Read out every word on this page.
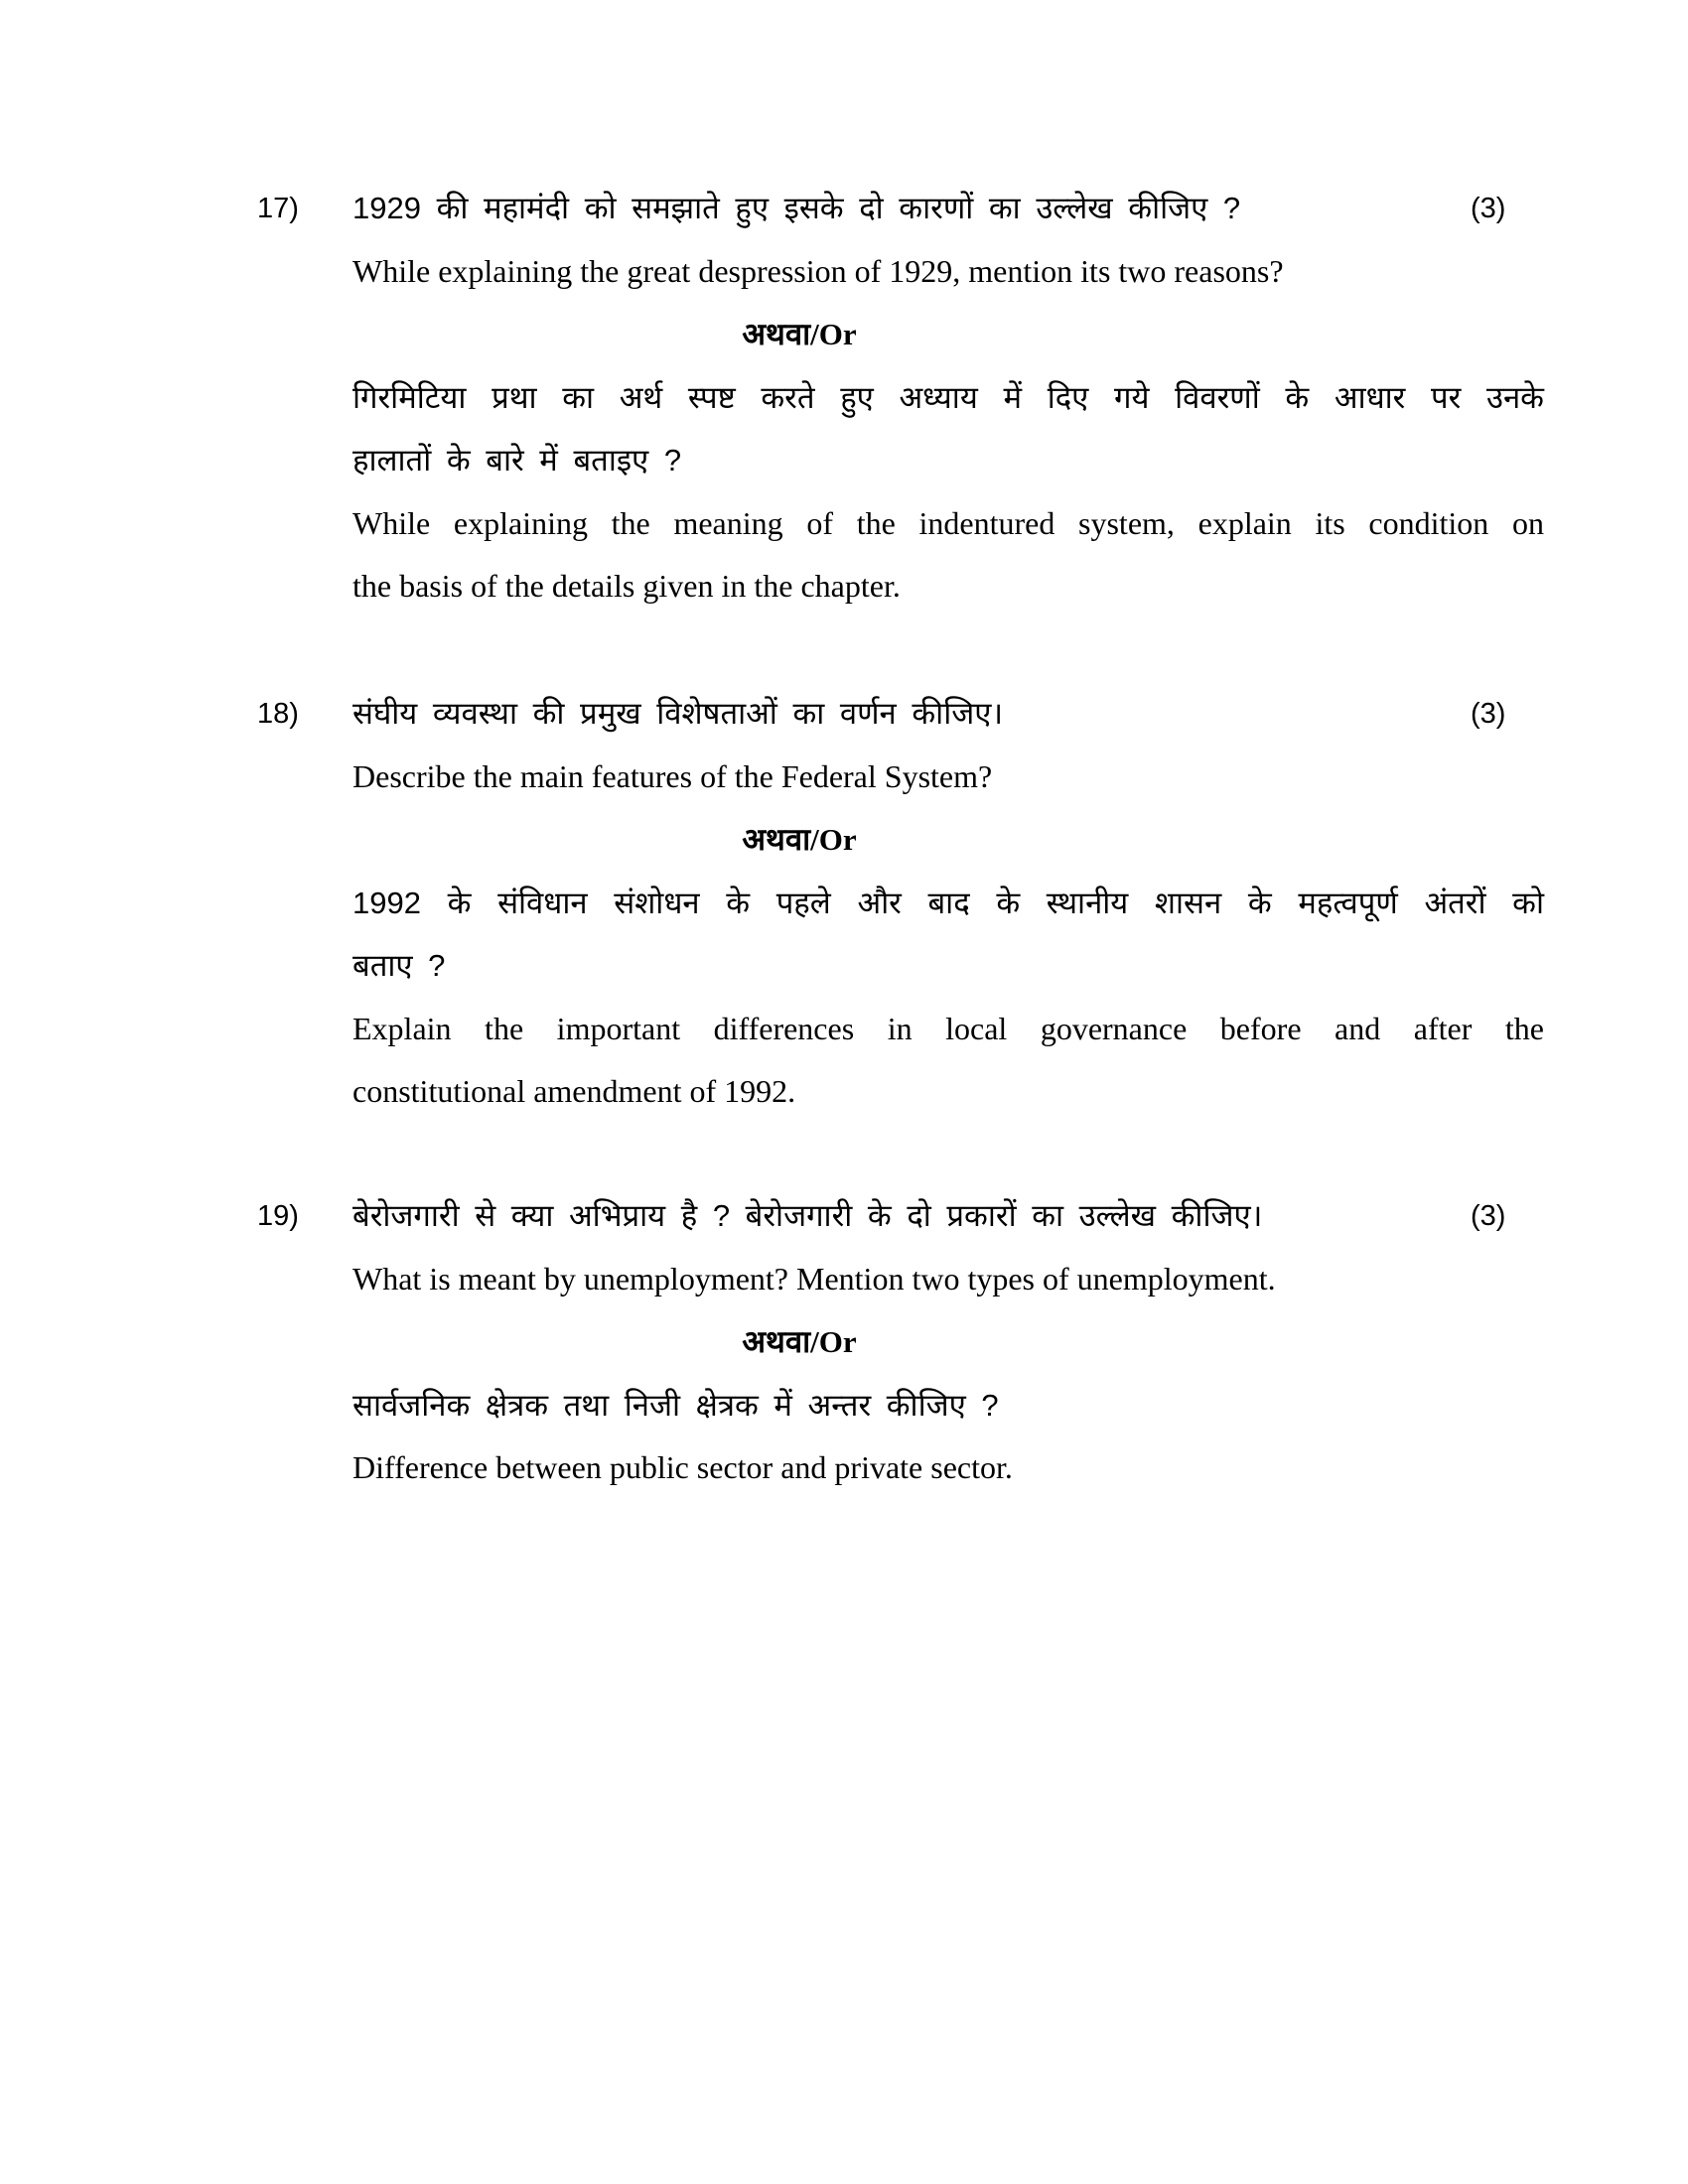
17)	(3)
1929 की महामंदी को समझाते हुए इसके दो कारणों का उल्लेख कीजिए ?
While explaining the great despression of 1929, mention its two reasons?
अथवा/Or
गिरमिटिया प्रथा का अर्थ स्पष्ट करते हुए अध्याय में दिए गये विवरणों के आधार पर उनके
हालातों के बारे में बताइए ?
While explaining the meaning of the indentured system, explain its condition on
the basis of the details given in the chapter.
18)	(3)
संघीय व्यवस्था की प्रमुख विशेषताओं का वर्णन कीजिए।
Describe the main features of the Federal System?
अथवा/Or
1992 के संविधान संशोधन के पहले और बाद के स्थानीय शासन के महत्वपूर्ण अंतरों को
बताए ?
Explain the important differences in local governance before and after the
constitutional amendment of 1992.
19)	(3)
बेरोजगारी से क्या अभिप्राय है ? बेरोजगारी के दो प्रकारों का उल्लेख कीजिए।
What is meant by unemployment? Mention two types of unemployment.
अथवा/Or
सार्वजनिक क्षेत्रक तथा निजी क्षेत्रक में अन्तर कीजिए ?
Difference between public sector and private sector.
